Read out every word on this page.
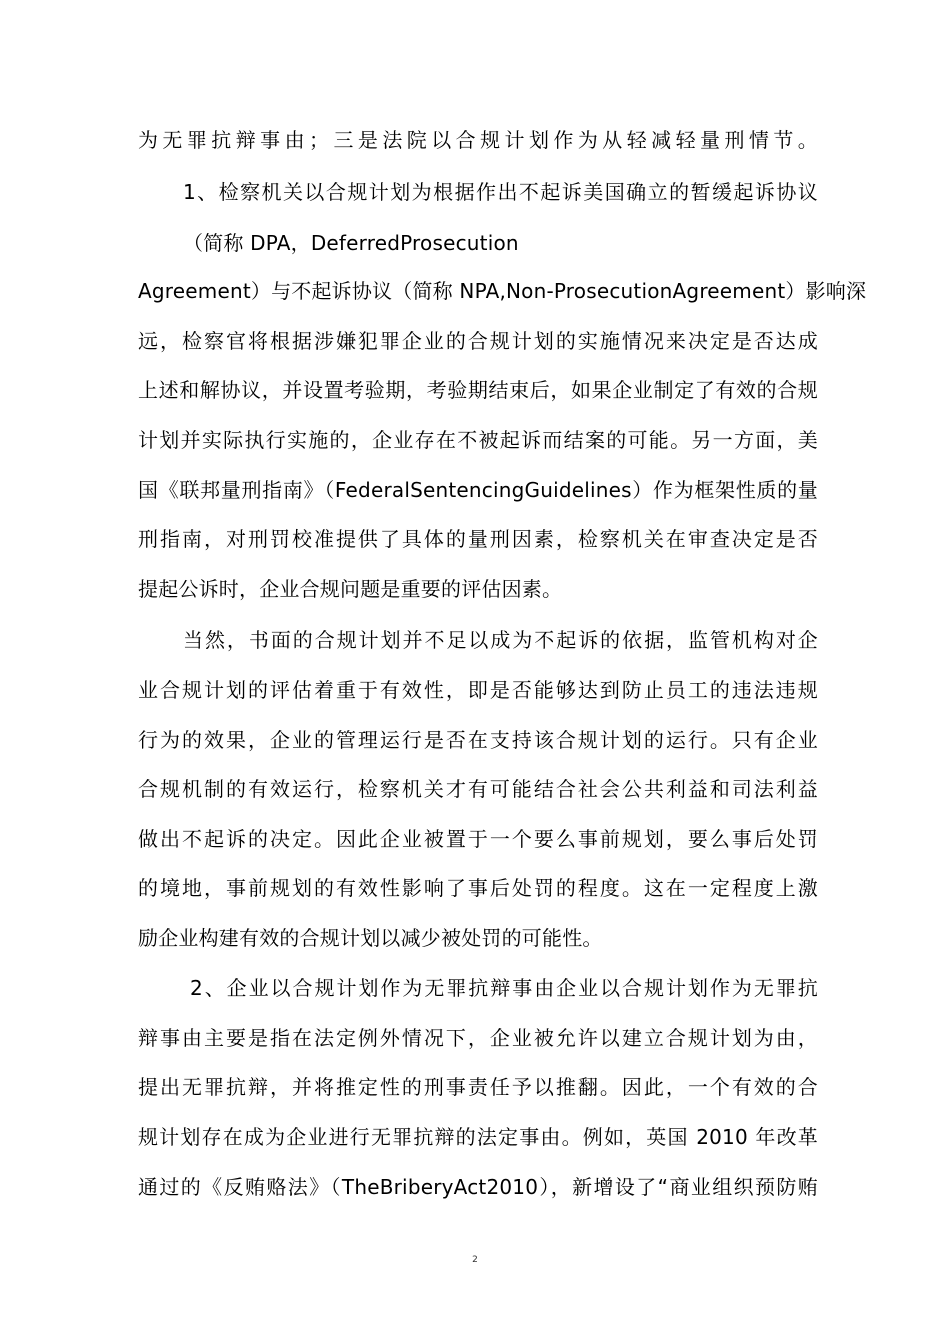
为无罪抗辩事由；三是法院以合规计划作为从轻减轻量刑情节。
1、检察机关以合规计划为根据作出不起诉美国确立的暂缓起诉协议
（简称 DPA，DeferredProsecution
Agreement）与不起诉协议（简称 NPA,Non-ProsecutionAgreement）影响深
远，检察官将根据涉嫌犯罪企业的合规计划的实施情况来决定是否达成
上述和解协议，并设置考验期，考验期结束后，如果企业制定了有效的合规
计划并实际执行实施的，企业存在不被起诉而结案的可能。另一方面，美
国《联邦量刑指南》（FederalSentencingGuidelines）作为框架性质的量
刑指南，对刑罚校准提供了具体的量刑因素，检察机关在审查决定是否
提起公诉时，企业合规问题是重要的评估因素。
当然，书面的合规计划并不足以成为不起诉的依据，监管机构对企
业合规计划的评估着重于有效性，即是否能够达到防止员工的违法违规
行为的效果，企业的管理运行是否在支持该合规计划的运行。只有企业
合规机制的有效运行，检察机关才有可能结合社会公共利益和司法利益
做出不起诉的决定。因此企业被置于一个要么事前规划，要么事后处罚
的境地，事前规划的有效性影响了事后处罚的程度。这在一定程度上激
励企业构建有效的合规计划以减少被处罚的可能性。
2、企业以合规计划作为无罪抗辩事由企业以合规计划作为无罪抗
辩事由主要是指在法定例外情况下，企业被允许以建立合规计划为由，
提出无罪抗辩，并将推定性的刑事责任予以推翻。因此，一个有效的合
规计划存在成为企业进行无罪抗辩的法定事由。例如，英国 2010 年改革
通过的《反贿赂法》（TheBriberyAct2010），新增设了“商业组织预防贿
2
